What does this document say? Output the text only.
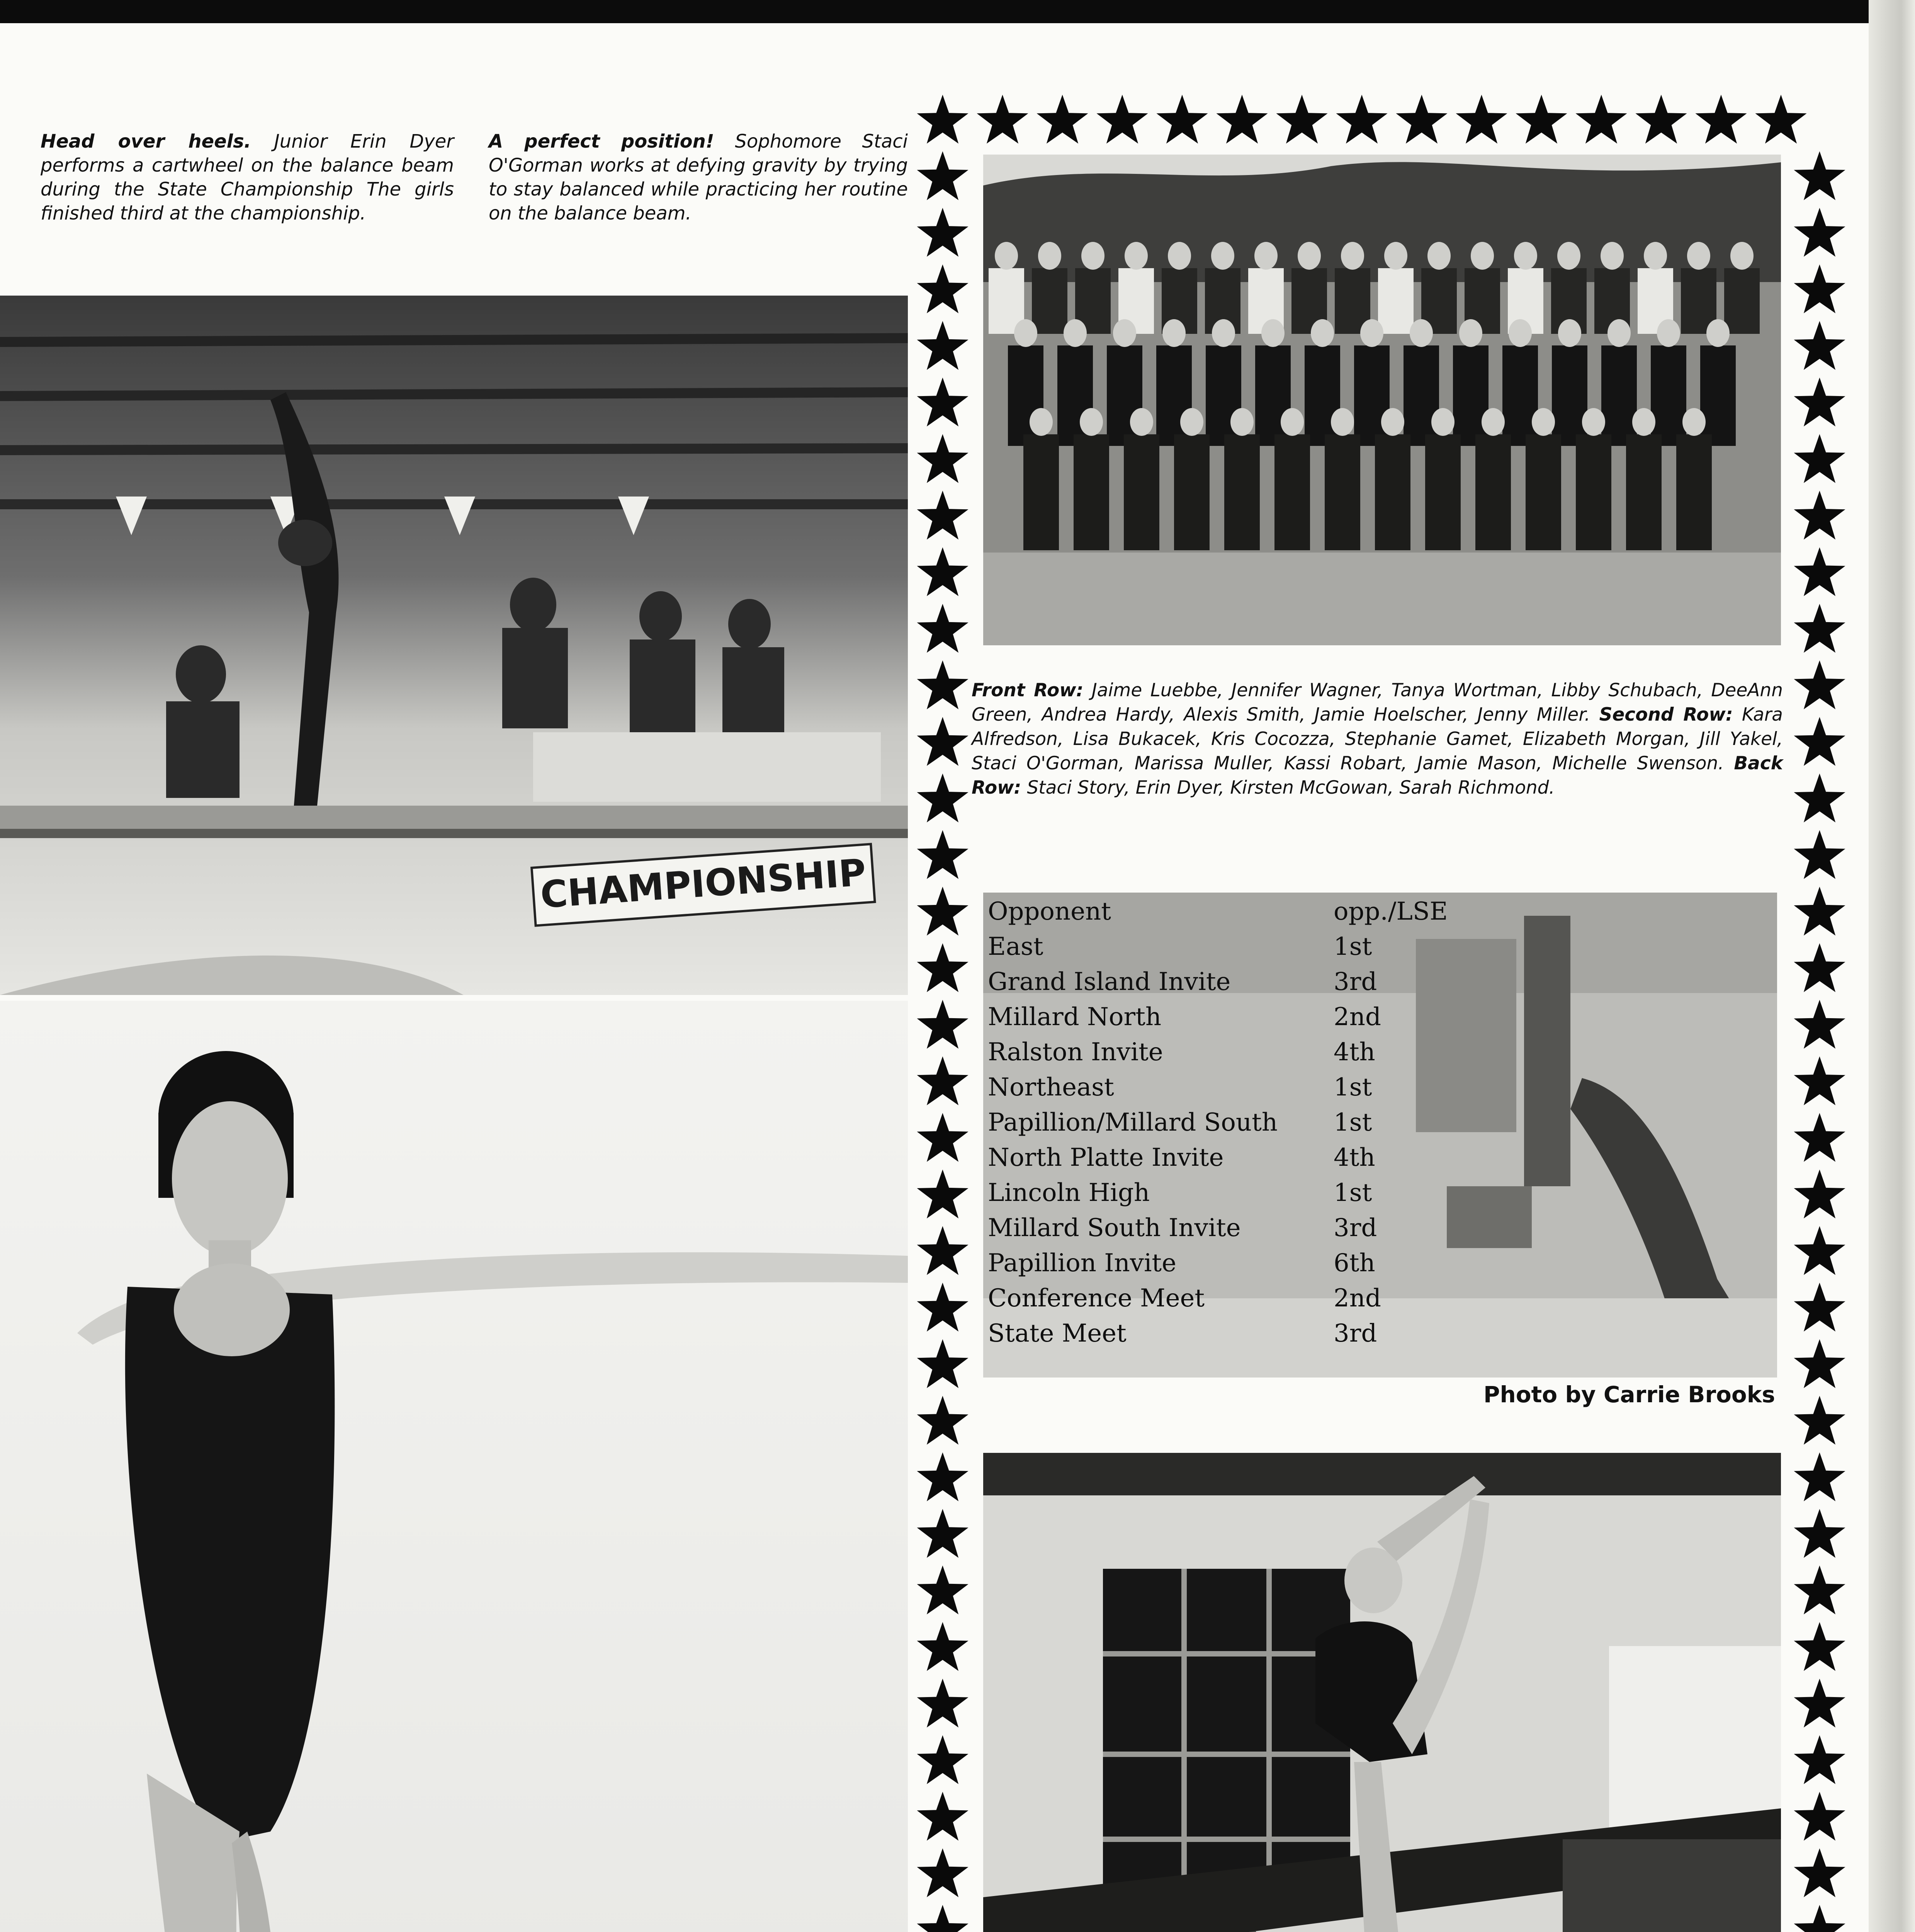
Head over heels. Junior Erin Dyer performs a cartwheel on the balance beam during the State Championship The girls finished third at the championship.
A perfect position! Sophomore Staci O'Gorman works at defying gravity by trying to stay balanced while practicing her routine on the balance beam.
CHAMPIONSHIP
Front Row: Jaime Luebbe, Jennifer Wagner, Tanya Wortman, Libby Schubach, DeeAnn Green, Andrea Hardy, Alexis Smith, Jamie Hoelscher, Jenny Miller. Second Row: Kara Alfredson, Lisa Bukacek, Kris Cocozza, Stephanie Gamet, Elizabeth Morgan, Jill Yakel, Staci O'Gorman, Marissa Muller, Kassi Robart, Jamie Mason, Michelle Swenson. Back Row: Staci Story, Erin Dyer, Kirsten McGowan, Sarah Richmond.
Opponent	opp./LSE
East	1st
Grand Island Invite	3rd
Millard North	2nd
Ralston Invite	4th
Northeast	1st
Papillion/Millard South	1st
North Platte Invite	4th
Lincoln High	1st
Millard South Invite	3rd
Papillion Invite	6th
Conference Meet	2nd
State Meet	3rd
Photo by Carrie Brooks
